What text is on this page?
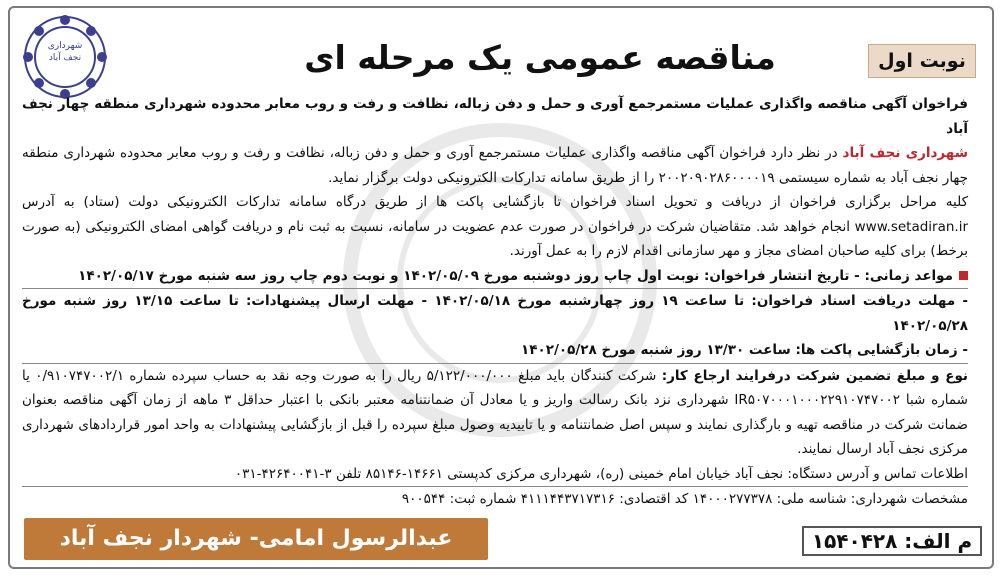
شهرداری
نجف آباد	مناقصه عمومی یک مرحله ای	نوبت اول

فراخوان آگهی مناقصه واگذاری عملیات مستمرجمع آوری و حمل و دفن زباله، نظافت و رفت و روب معابر محدوده شهرداری منطقه چهار نجف آباد

شهرداری نجف آباد در نظر دارد فراخوان آگهی مناقصه واگذاری عملیات مستمرجمع آوری و حمل و دفن زباله، نظافت و رفت و روب معابر محدوده شهرداری منطقه چهار نجف آباد به شماره سیستمی ۲۰۰۲۰۹۰۲۸۶۰۰۰۰۱۹ را از طریق سامانه تدارکات الکترونیکی دولت برگزار نماید.

کلیه مراحل برگزاری فراخوان از دریافت و تحویل اسناد فراخوان تا بازگشایی پاکت ها از طریق درگاه سامانه تدارکات الکترونیکی دولت (ستاد) به آدرس www.setadiran.ir انجام خواهد شد. متقاضیان شرکت در فراخوان در صورت عدم عضویت در سامانه، نسبت به ثبت نام و دریافت گواهی امضای الکترونیکی (به صورت برخط) برای کلیه صاحبان امضای مجاز و مهر سازمانی اقدام لازم را به عمل آورند.

مواعد زمانی: - تاریخ انتشار فراخوان: نوبت اول چاپ روز دوشنبه مورخ ۱۴۰۲/۰۵/۰۹ و نوبت دوم چاپ روز سه شنبه مورخ ۱۴۰۲/۰۵/۱۷

- مهلت دریافت اسناد فراخوان: تا ساعت ۱۹ روز چهارشنبه مورخ ۱۴۰۲/۰۵/۱۸ - مهلت ارسال پیشنهادات: تا ساعت ۱۳/۱۵ روز شنبه مورخ ۱۴۰۲/۰۵/۲۸

- زمان بازگشایی پاکت ها: ساعت ۱۳/۳۰ روز شنبه مورخ ۱۴۰۲/۰۵/۲۸

نوع و مبلغ تضمین شرکت درفرایند ارجاع کار: شرکت کنندگان باید مبلغ ۵/۱۲۲/۰۰۰/۰۰۰ ریال را به صورت وجه نقد به حساب سپرده شماره ۰/۹۱۰۷۴۷۰۰۲/۱ یا شماره شبا IR۵۰۷۰۰۰۱۰۰۰۲۲۹۱۰۷۴۷۰۰۲ شهرداری نزد بانک رسالت واریز و یا معادل آن ضمانتنامه معتبر بانکی با اعتبار حداقل ۳ ماهه از زمان آگهی مناقصه بعنوان ضمانت شرکت در مناقصه تهیه و بارگذاری نمایند و سپس اصل ضمانتنامه و یا تاییدیه وصول مبلغ سپرده را قبل از بازگشایی پیشنهادات به واحد امور قراردادهای شهرداری مرکزی نجف آباد ارسال نمایند.

اطلاعات تماس و آدرس دستگاه: نجف آباد خیابان امام خمینی (ره)، شهرداری مرکزی کدپستی ۱۴۶۶۱-۸۵۱۴۶ تلفن ۳-۴۲۶۴۰۰۴۱-۰۳۱

مشخصات شهرداری: شناسه ملی: ۱۴۰۰۰۲۷۷۳۷۸ کد اقتصادی: ۴۱۱۱۴۴۳۷۱۷۳۱۶ شماره ثبت: ۹۰۰۵۴۴

عبدالرسول امامی- شهردار نجف آباد	م الف: ۱۵۴۰۴۲۸
